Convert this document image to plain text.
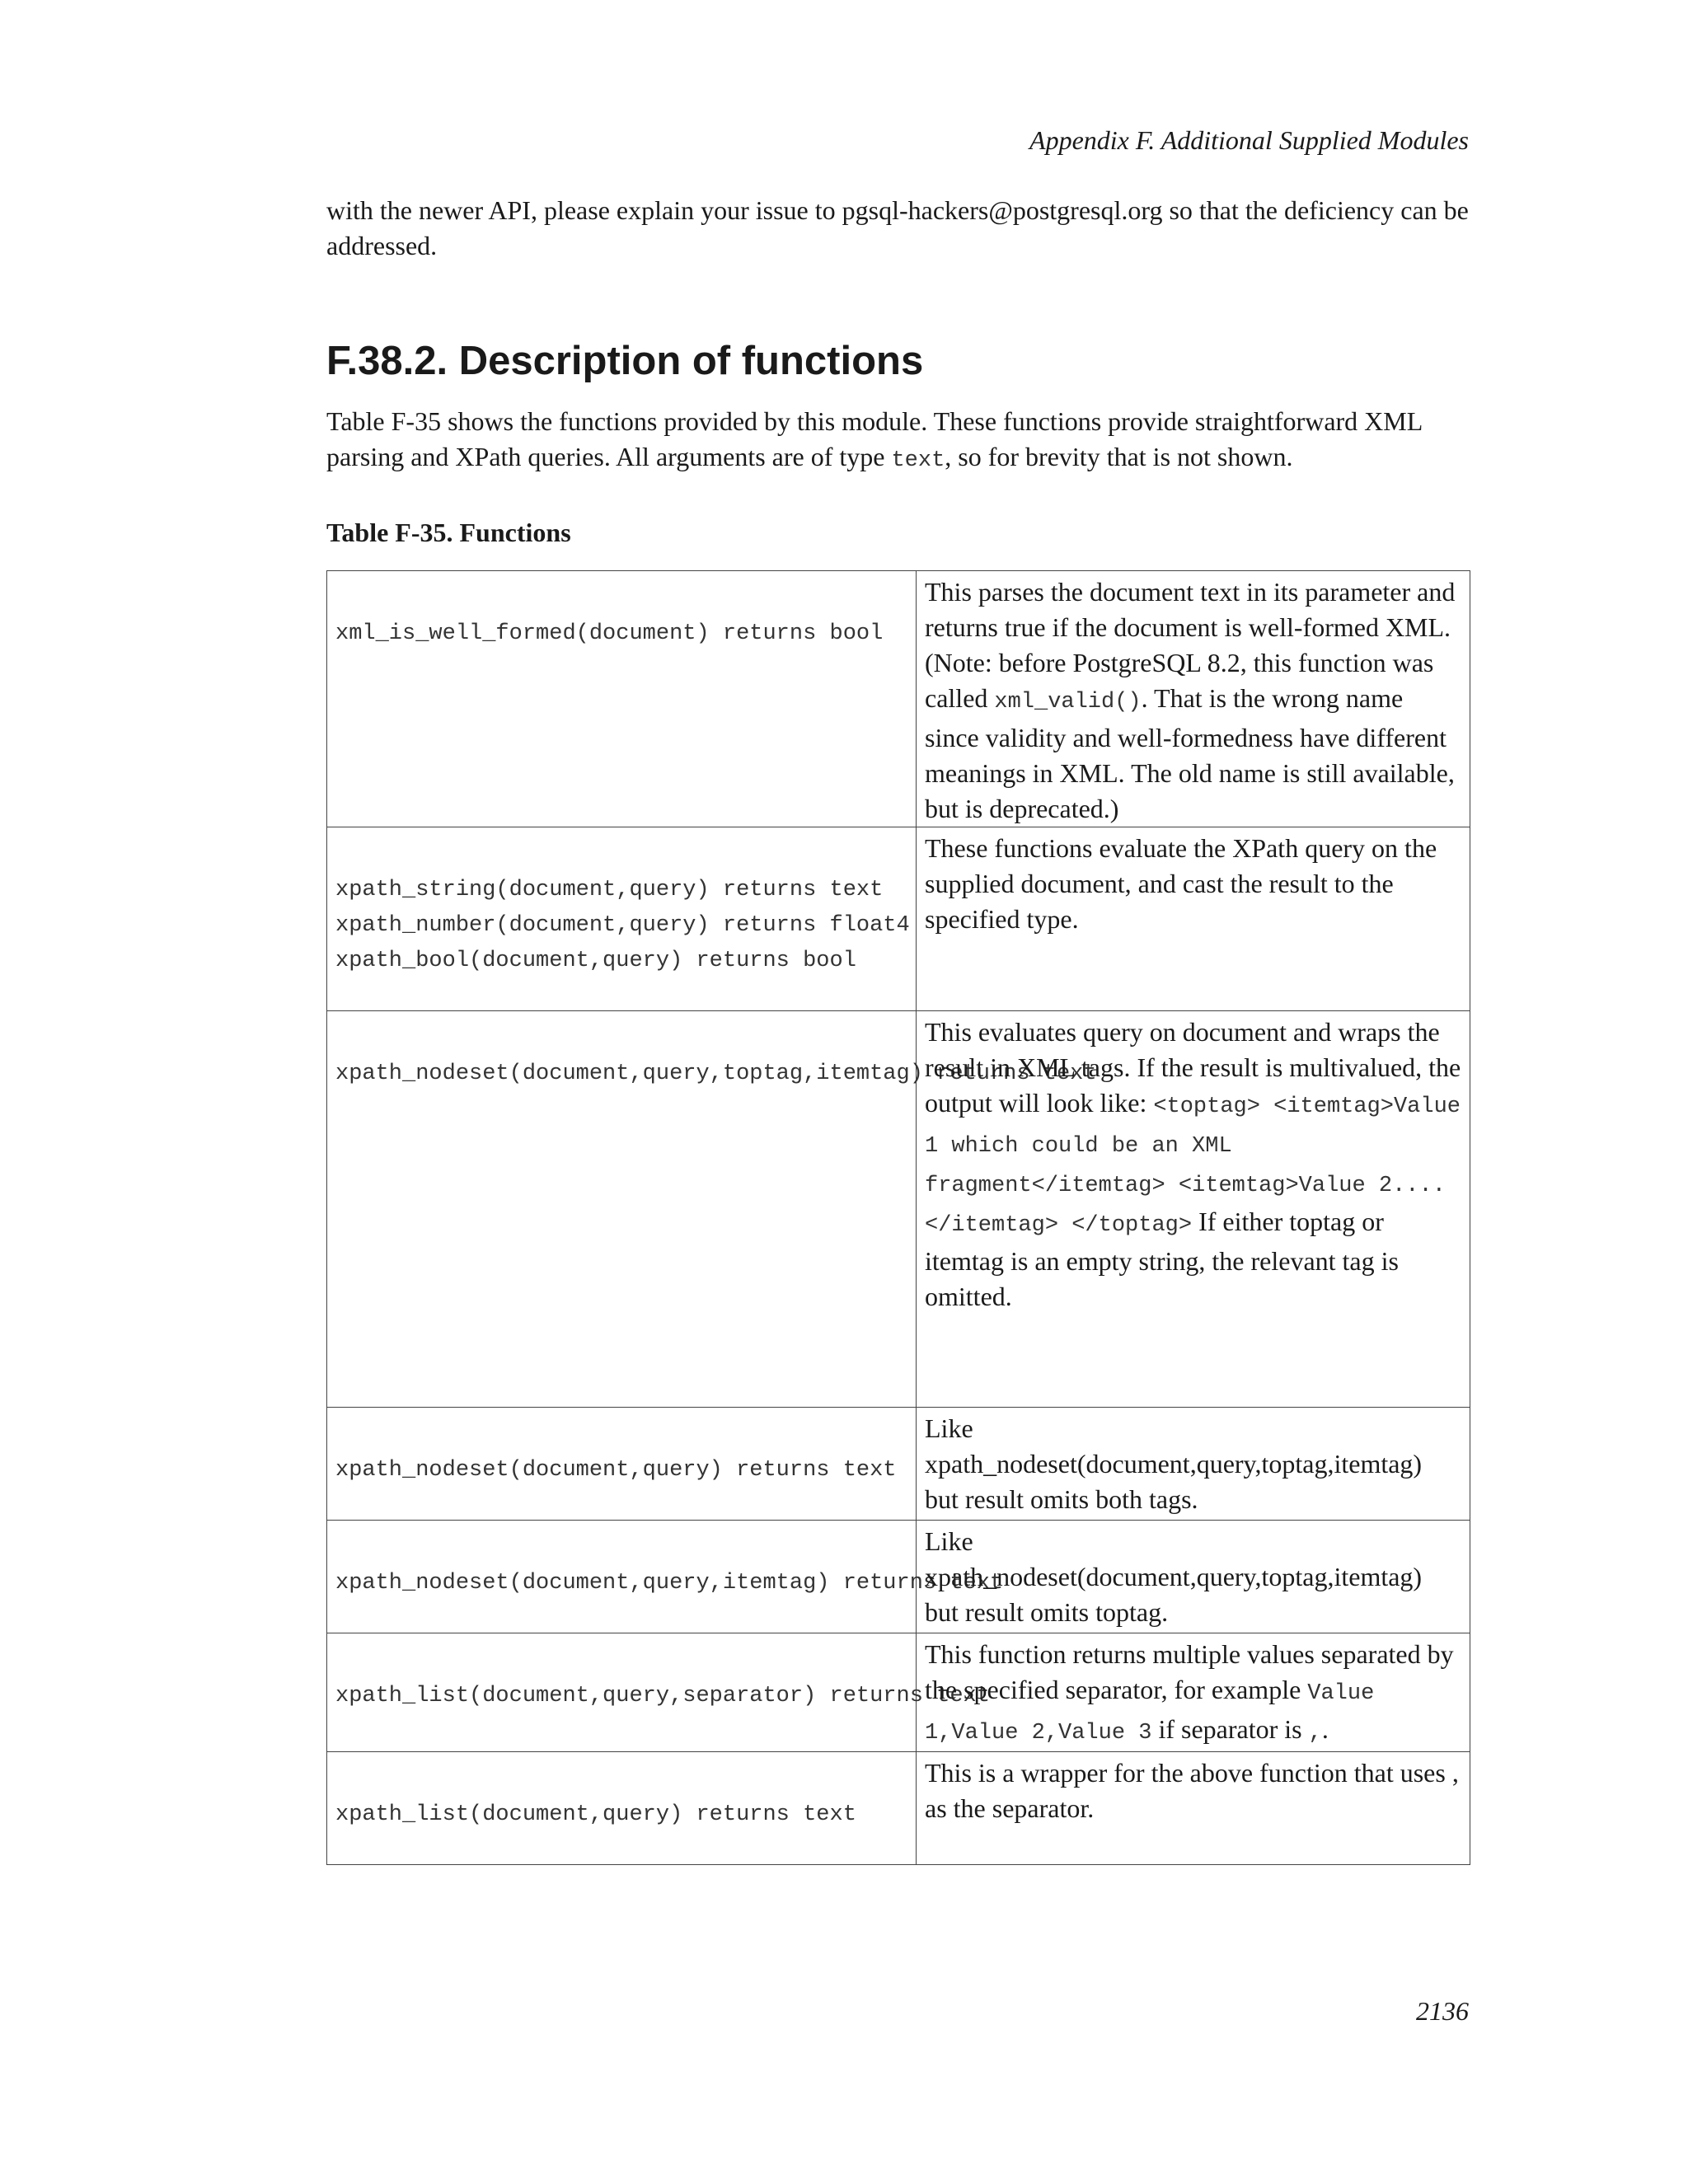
Appendix F. Additional Supplied Modules

with the newer API, please explain your issue to pgsql-hackers@postgresql.org so that the deficiency can be addressed.

F.38.2. Description of functions

Table F-35 shows the functions provided by this module. These functions provide straightforward XML parsing and XPath queries. All arguments are of type text, so for brevity that is not shown.

Table F-35. Functions
xml_is_well_formed(document) returns bool	This parses the document text in its parameter and returns true if the document is well-formed XML. (Note: before PostgreSQL 8.2, this function was called xml_valid(). That is the wrong name since validity and well-formedness have different meanings in XML. The old name is still available, but is deprecated.)

xpath_string(document,query) returns text
xpath_number(document,query) returns float4
xpath_bool(document,query) returns bool	These functions evaluate the XPath query on the supplied document, and cast the result to the specified type.

xpath_nodeset(document,query,toptag,itemtag) returns text	This evaluates query on document and wraps the result in XML tags. If the result is multivalued, the output will look like: <toptag> <itemtag>Value 1 which could be an XML fragment</itemtag> <itemtag>Value 2....</itemtag> </toptag> If either toptag or itemtag is an empty string, the relevant tag is omitted.

xpath_nodeset(document,query) returns text	Like xpath_nodeset(document,query,toptag,itemtag) but result omits both tags.

xpath_nodeset(document,query,itemtag) returns text	Like xpath_nodeset(document,query,toptag,itemtag) but result omits toptag.

xpath_list(document,query,separator) returns text	This function returns multiple values separated by the specified separator, for example Value 1,Value 2,Value 3 if separator is ,.

xpath_list(document,query) returns text	This is a wrapper for the above function that uses , as the separator.
2136
